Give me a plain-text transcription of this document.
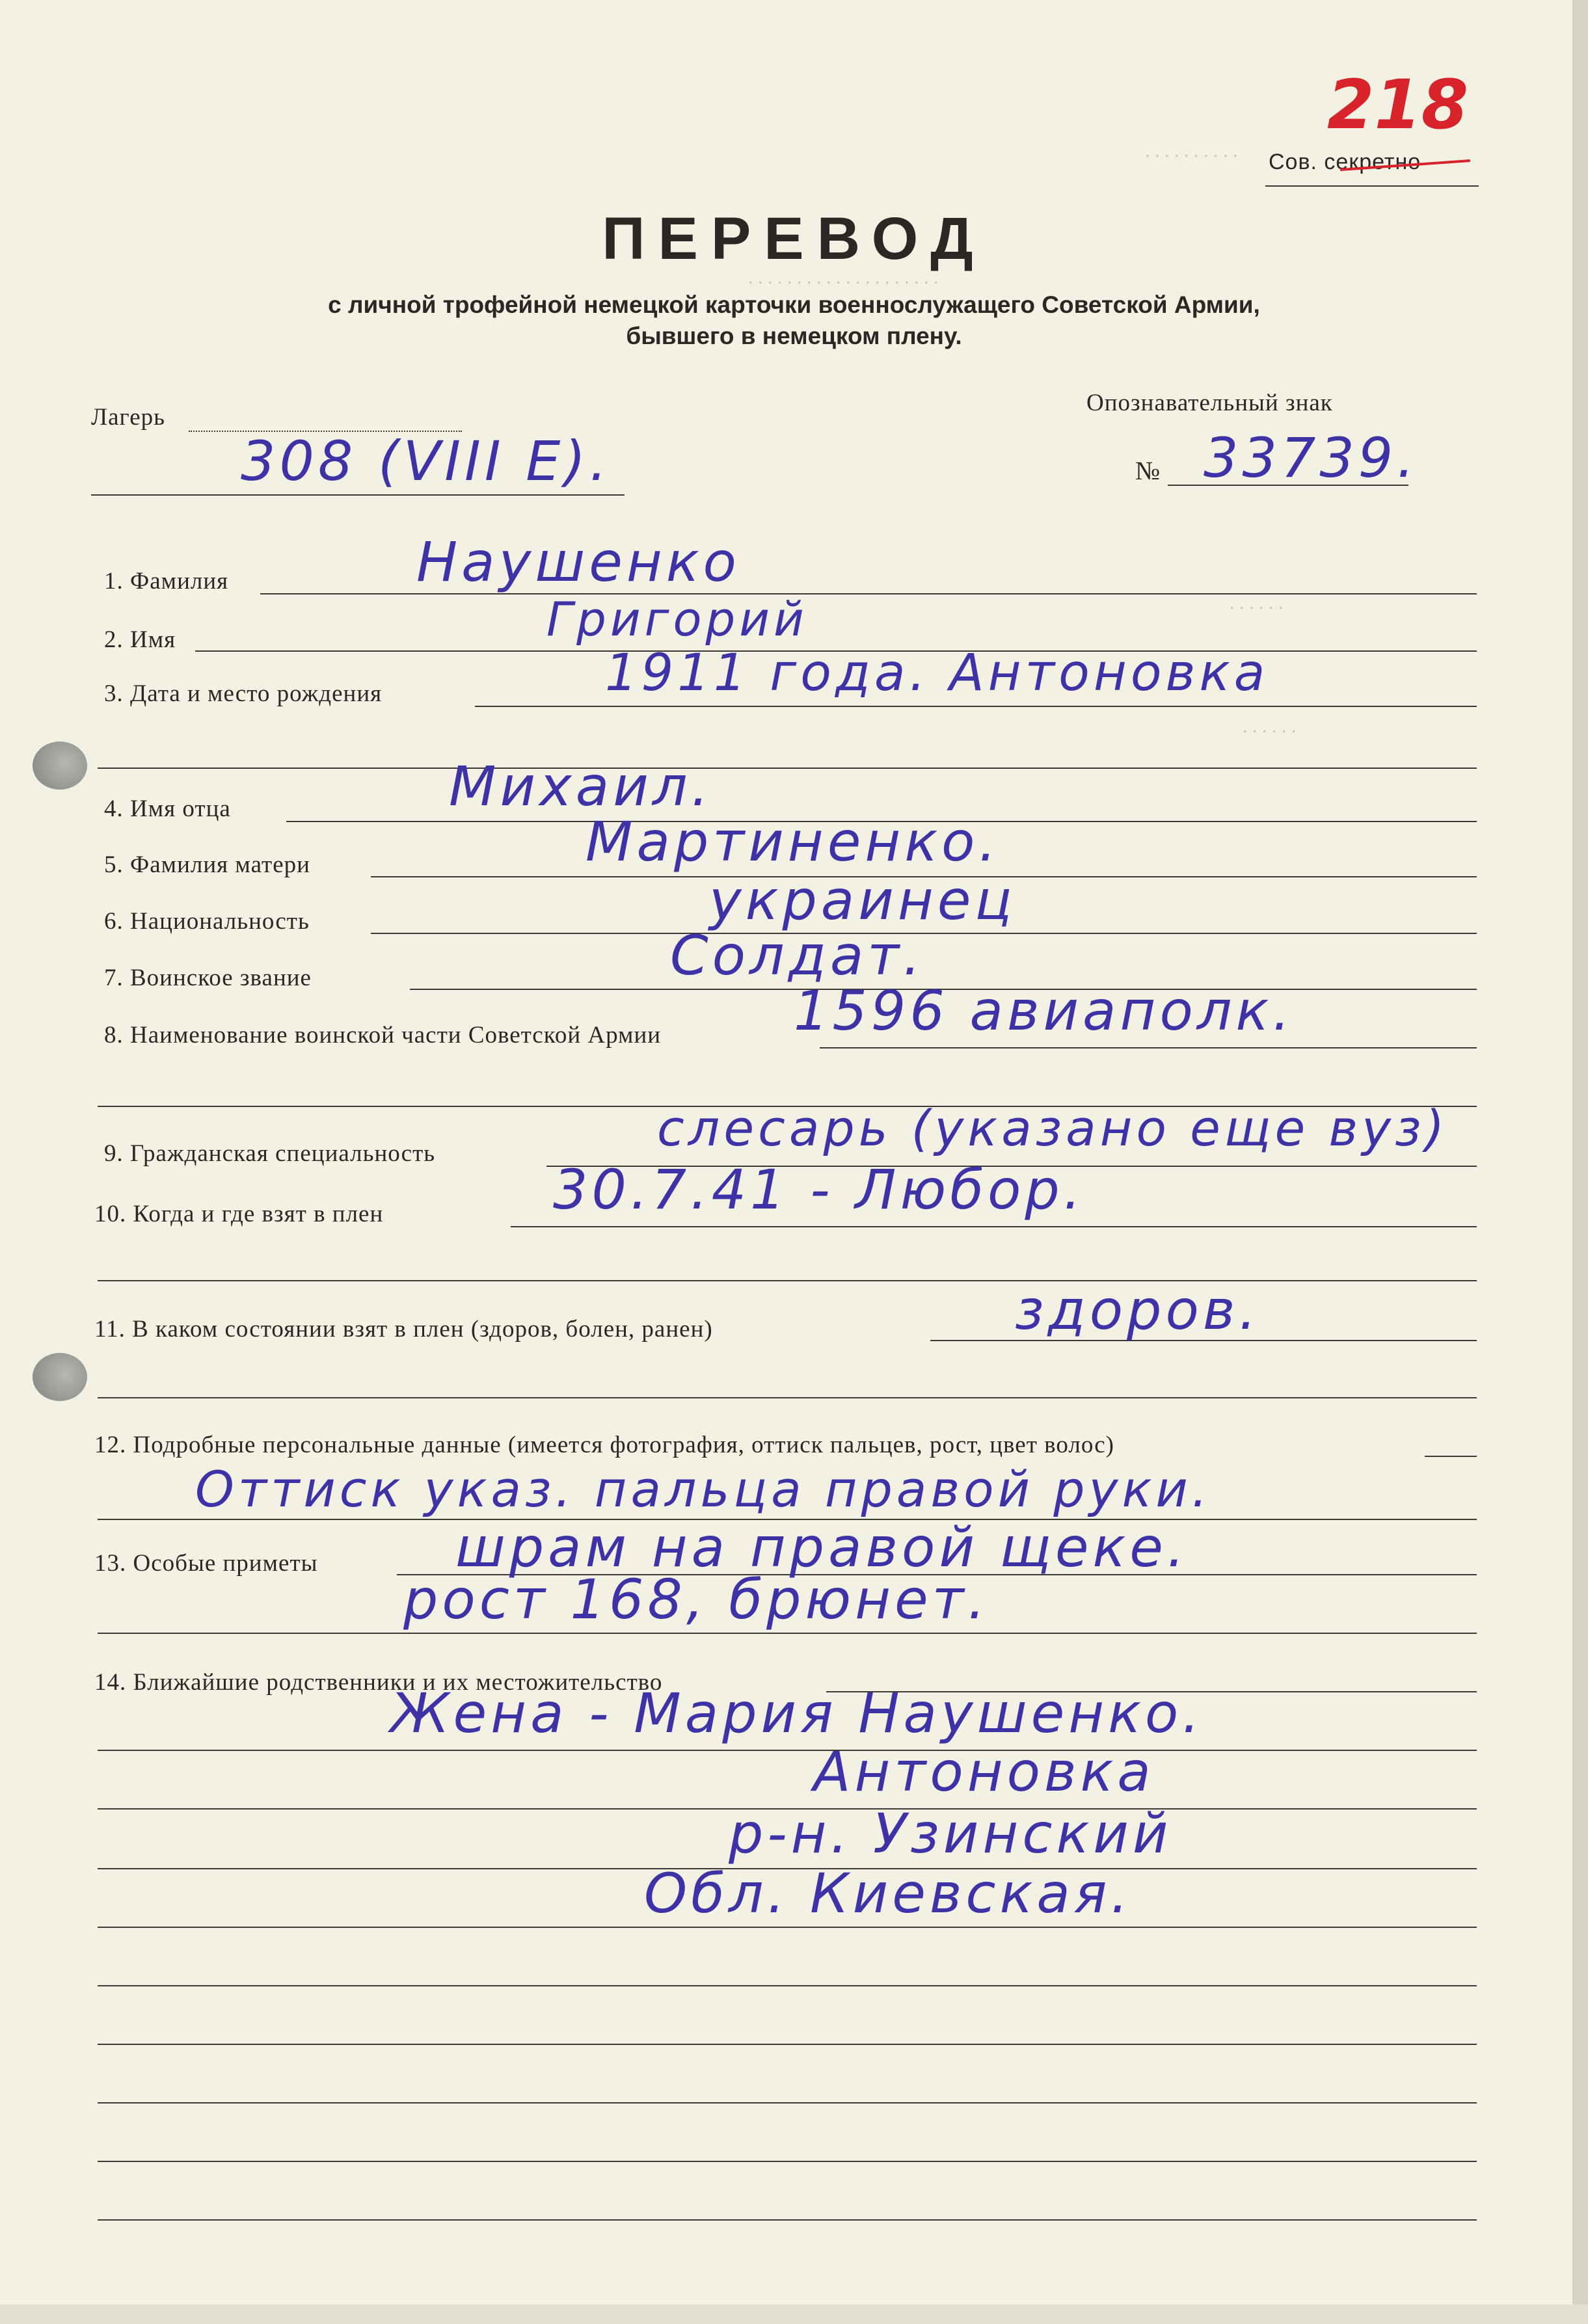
. . . . . . . . . .
. . . . . . . . . . . . . . . . . . . .
. . . . . .
. . . . . .
218
Сов. секретно
ПЕРЕВОД
с личной трофейной немецкой карточки военнослужащего Советской Армии,
бывшего в немецком плену.
Лагерь
308 (VIII E).
Опознавательный знак
№ 33739.
1. Фамилия	Наушенко
2. Имя	Григорий
3. Дата и место рождения	1911 года. Антоновка
4. Имя отца	Михаил.
5. Фамилия матери	Мартиненко.
6. Национальность	украинец
7. Воинское звание	Солдат.
8. Наименование воинской части Советской Армии 1596 авиаполк.
9. Гражданская специальность	слесарь (указано еще вуз)
10. Когда и где взят в плен	30.7.41 - Любор.
11. В каком состоянии взят в плен (здоров, болен, ранен)	здоров.
12. Подробные персональные данные (имеется фотография, оттиск пальцев, рост, цвет волос)
Оттиск указ. пальца правой руки.
13. Особые приметы	шрам на правой щеке.
рост 168, брюнет.
14. Ближайшие родственники и их местожительство
Жена - Мария Наушенко.
Антоновка
р-н. Узинский
Обл. Киевская.
